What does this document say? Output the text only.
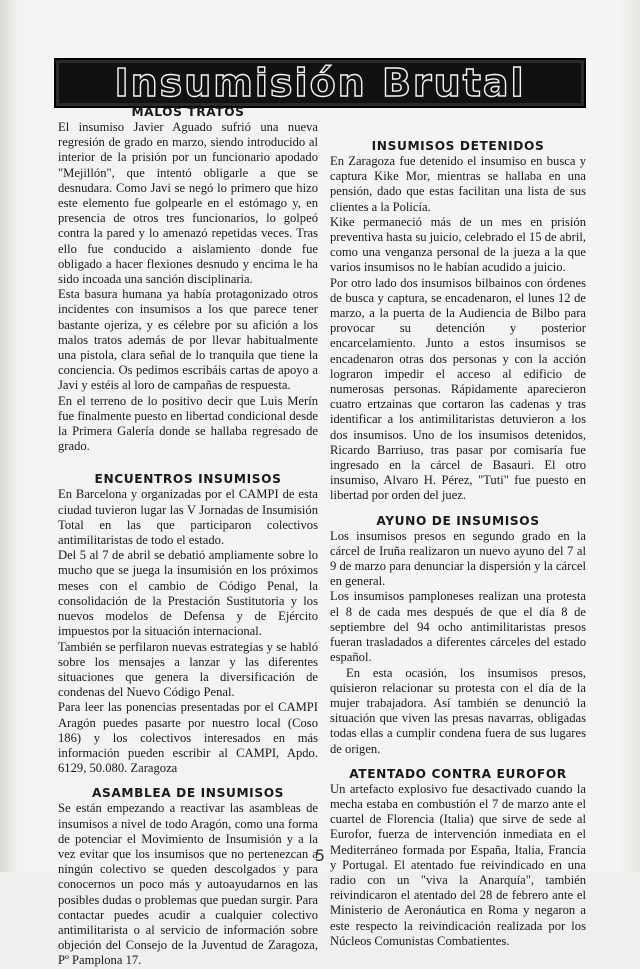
Insumisión Brutal
MALOS TRATOS

El insumiso Javier Aguado sufrió una nueva regresión de grado en marzo, siendo introducido al interior de la prisión por un funcionario apodado "Mejillón", que intentó obligarle a que se desnudara. Como Javi se negó lo primero que hizo este elemento fue golpearle en el estómago y, en presencia de otros tres funcionarios, lo golpeó contra la pared y lo amenazó repetidas veces. Tras ello fue conducido a aislamiento donde fue obligado a hacer flexiones desnudo y encima le ha sido incoada una sanción disciplinaria.

Esta basura humana ya había protagonizado otros incidentes con insumisos a los que parece tener bastante ojeriza, y es célebre por su afición a los malos tratos además de por llevar habitualmente una pistola, clara señal de lo tranquila que tiene la conciencia. Os pedimos escribáis cartas de apoyo a Javi y estéis al loro de campañas de respuesta.

En el terreno de lo positivo decir que Luis Merín fue finalmente puesto en libertad condicional desde la Primera Galería donde se hallaba regresado de grado.

ENCUENTROS INSUMISOS

En Barcelona y organizadas por el CAMPI de esta ciudad tuvieron lugar las V Jornadas de Insumisión Total en las que participaron colectivos antimilitaristas de todo el estado.

Del 5 al 7 de abril se debatió ampliamente sobre lo mucho que se juega la insumisión en los próximos meses con el cambio de Código Penal, la consolidación de la Prestación Sustitutoria y los nuevos modelos de Defensa y de Ejército impuestos por la situación internacional.

También se perfilaron nuevas estrategias y se habló sobre los mensajes a lanzar y las diferentes situaciones que genera la diversificación de condenas del Nuevo Código Penal.

Para leer las ponencias presentadas por el CAMPI Aragón puedes pasarte por nuestro local (Coso 186) y los colectivos interesados en más información pueden escribir al CAMPI, Apdo. 6129, 50.080. Zaragoza

ASAMBLEA DE INSUMISOS

Se están empezando a reactivar las asambleas de insumisos a nivel de todo Aragón, como una forma de potenciar el Movimiento de Insumisión y a la vez evitar que los insumisos que no pertenezcan a ningún colectivo se queden descolgados y para conocernos un poco más y autoayudarnos en las posibles dudas o problemas que puedan surgir. Para contactar puedes acudir a cualquier colectivo antimilitarista o al servicio de información sobre objeción del Consejo de la Juventud de Zaragoza, Pº Pamplona 17.

INSUMISOS DETENIDOS

En Zaragoza fue detenido el insumiso en busca y captura Kike Mor, mientras se hallaba en una pensión, dado que estas facilitan una lista de sus clientes a la Policía.

Kike permaneció más de un mes en prisión preventiva hasta su juicio, celebrado el 15 de abril, como una venganza personal de la jueza a la que varios insumisos no le habían acudido a juicio.

Por otro lado dos insumisos bilbainos con órdenes de busca y captura, se encadenaron, el lunes 12 de marzo, a la puerta de la Audiencia de Bilbo para provocar su detención y posterior encarcelamiento. Junto a estos insumisos se encadenaron otras dos personas y con la acción lograron impedir el acceso al edificio de numerosas personas. Rápidamente aparecieron cuatro ertzainas que cortaron las cadenas y tras identificar a los antimilitaristas detuvieron a los dos insumisos. Uno de los insumisos detenidos, Ricardo Barriuso, tras pasar por comisaría fue ingresado en la cárcel de Basauri. El otro insumiso, Alvaro H. Pérez, "Tuti" fue puesto en libertad por orden del juez.

AYUNO DE INSUMISOS

Los insumisos presos en segundo grado en la cárcel de Iruña realizaron un nuevo ayuno del 7 al 9 de marzo para denunciar la dispersión y la cárcel en general.

Los insumisos pamploneses realizan una protesta el 8 de cada mes después de que el día 8 de septiembre del 94 ocho antimilitaristas presos fueran trasladados a diferentes cárceles del estado español.

En esta ocasión, los insumisos presos, quisieron relacionar su protesta con el día de la mujer trabajadora. Así también se denunció la situación que viven las presas navarras, obligadas todas ellas a cumplir condena fuera de sus lugares de origen.

ATENTADO CONTRA EUROFOR

Un artefacto explosivo fue desactivado cuando la mecha estaba en combustión el 7 de marzo ante el cuartel de Florencia (Italia) que sirve de sede al Eurofor, fuerza de intervención inmediata en el Mediterráneo formada por España, Italia, Francia y Portugal. El atentado fue reivindicado en una radio con un "viva la Anarquía", también reivindicaron el atentado del 28 de febrero ante el Ministerio de Aeronáutica en Roma y negaron a este respecto la reivindicación realizada por los Núcleos Comunistas Combatientes.

5
